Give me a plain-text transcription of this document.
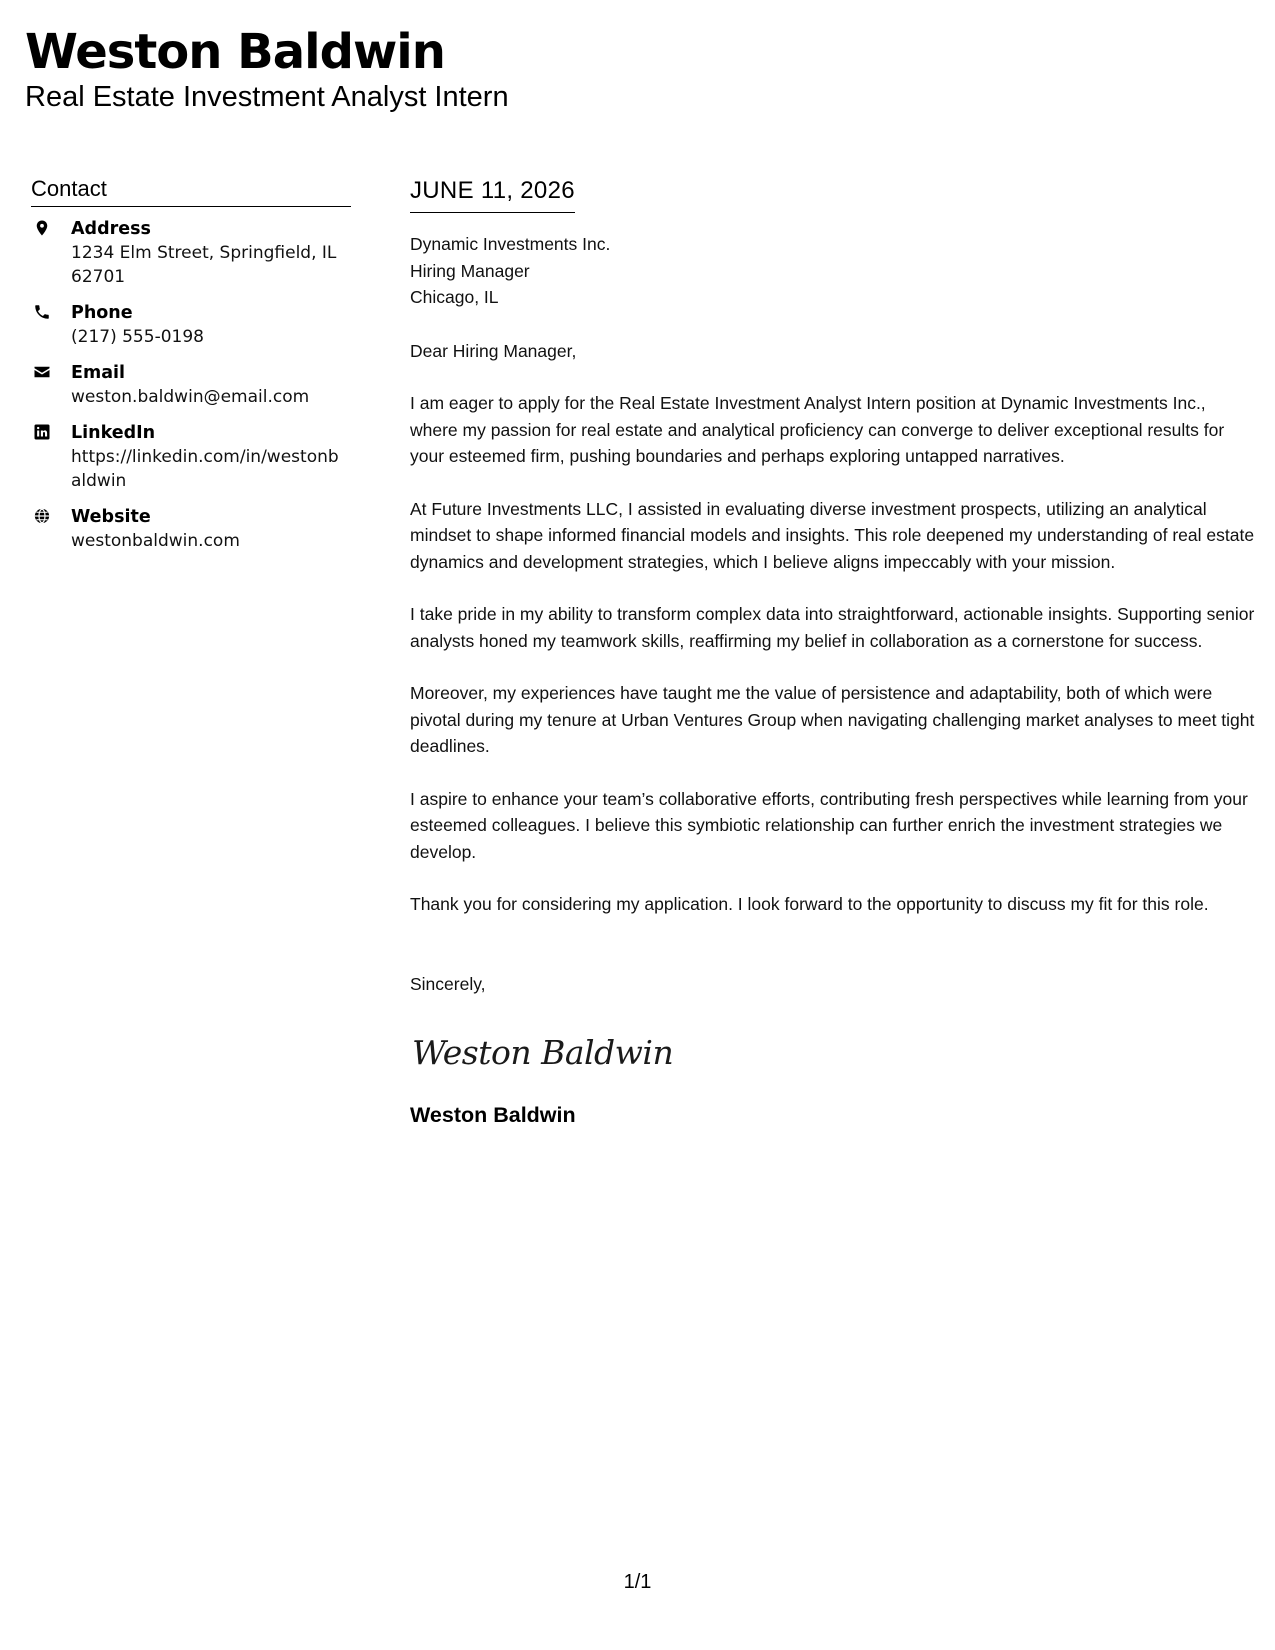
Weston Baldwin
Real Estate Investment Analyst Intern
Contact
Address
1234 Elm Street, Springfield, IL 62701
Phone
(217) 555-0198
Email
weston.baldwin@email.com
LinkedIn
https://linkedin.com/in/westonbaldwin
Website
westonbaldwin.com
JUNE 11, 2026
Dynamic Investments Inc.
Hiring Manager
Chicago, IL
Dear Hiring Manager,

I am eager to apply for the Real Estate Investment Analyst Intern position at Dynamic Investments Inc., where my passion for real estate and analytical proficiency can converge to deliver exceptional results for your esteemed firm, pushing boundaries and perhaps exploring untapped narratives.

At Future Investments LLC, I assisted in evaluating diverse investment prospects, utilizing an analytical mindset to shape informed financial models and insights. This role deepened my understanding of real estate dynamics and development strategies, which I believe aligns impeccably with your mission.

I take pride in my ability to transform complex data into straightforward, actionable insights. Supporting senior analysts honed my teamwork skills, reaffirming my belief in collaboration as a cornerstone for success.

Moreover, my experiences have taught me the value of persistence and adaptability, both of which were pivotal during my tenure at Urban Ventures Group when navigating challenging market analyses to meet tight deadlines.

I aspire to enhance your team’s collaborative efforts, contributing fresh perspectives while learning from your esteemed colleagues. I believe this symbiotic relationship can further enrich the investment strategies we develop.

Thank you for considering my application. I look forward to the opportunity to discuss my fit for this role.

Sincerely,
Weston Baldwin
Weston Baldwin
1/1
